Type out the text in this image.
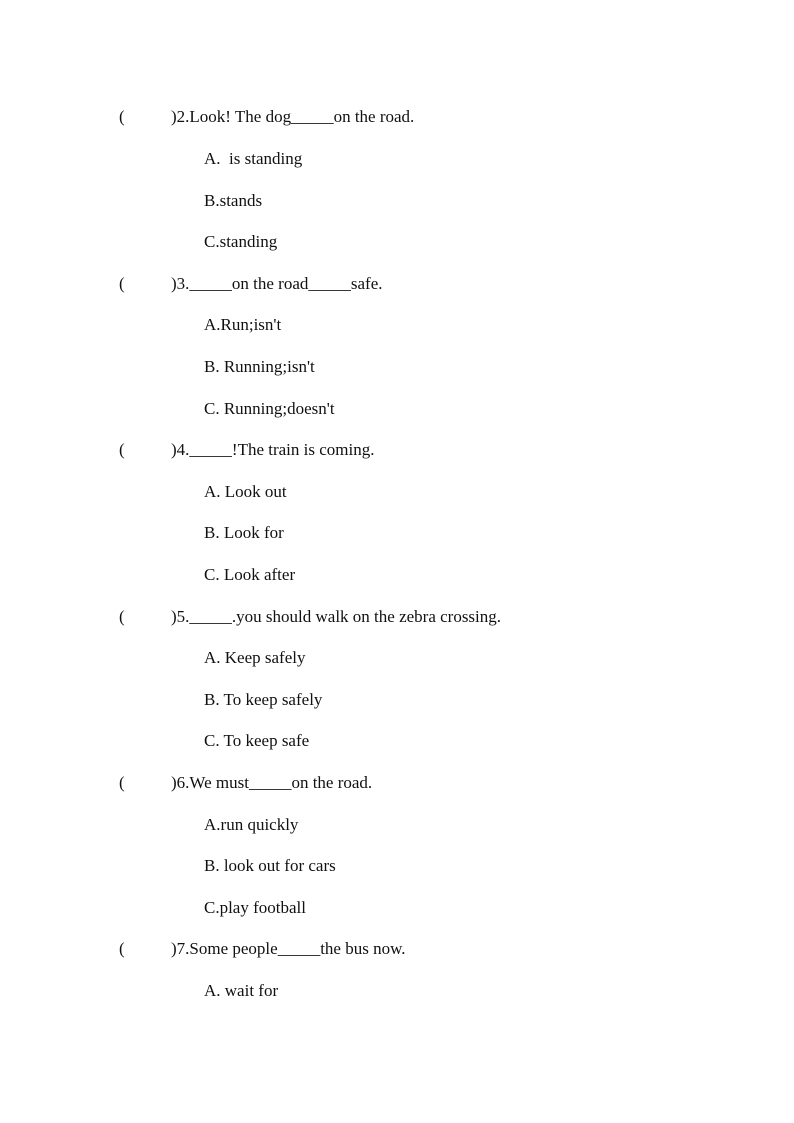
(	)2.Look! The dog_____on the road.
A.  is standing
B.stands
C.standing
(	)3._____on the road_____safe.
A.Run;isn't
B. Running;isn't
C. Running;doesn't
(	)4._____!The train is coming.
A. Look out
B. Look for
C. Look after
(	)5._____.you should walk on the zebra crossing.
A. Keep safely
B. To keep safely
C. To keep safe
(	)6.We must_____on the road.
A.run quickly
B. look out for cars
C.play football
(	)7.Some people_____the bus now.
A. wait for
